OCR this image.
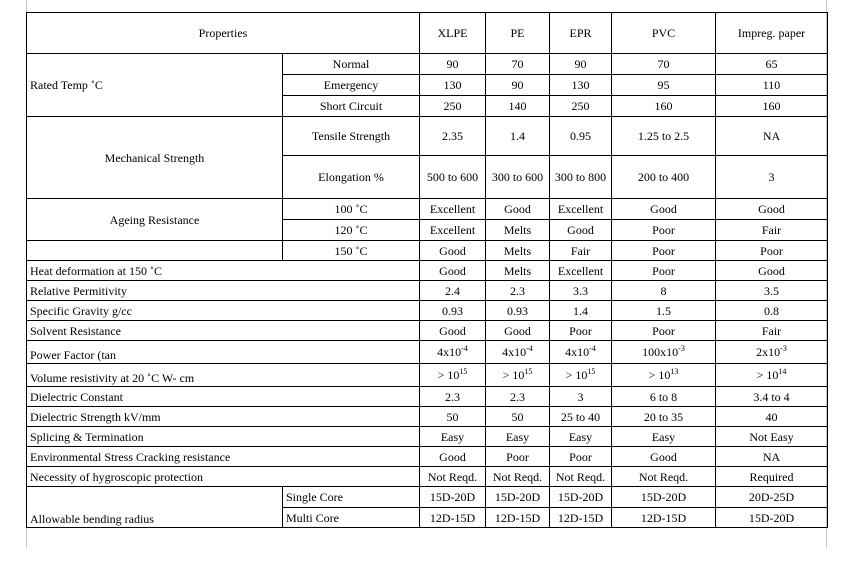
Properties		XLPE	PE	EPR	PVC	Impreg. paper
Rated Temp ˚C	Normal	90	70	90	70	65
	Emergency	130	90	130	95	110
	Short Circuit	250	140	250	160	160
Mechanical Strength	Tensile Strength	2.35	1.4	0.95	1.25 to 2.5	NA
	Elongation %	500 to 600	300 to 600	300 to 800	200 to 400	3
Ageing Resistance	100 ˚C	Excellent	Good	Excellent	Good	Good
	120 ˚C	Excellent	Melts	Good	Poor	Fair
	150 ˚C	Good	Melts	Fair	Poor	Poor
Heat deformation at 150 ˚C		Good	Melts	Excellent	Poor	Good
Relative Permitivity		2.4	2.3	3.3	8	3.5
Specific Gravity g/cc		0.93	0.93	1.4	1.5	0.8
Solvent Resistance		Good	Good	Poor	Poor	Fair
Power Factor (tan		$4x10^{-4}$	$4x10^{-4}$	$4x10^{-4}$	$100x10^{-3}$	$2x10^{-3}$
Volume resistivity at 20 ˚C W- cm		> $10^{15}$	> $10^{15}$	> $10^{15}$	> $10^{13}$	> $10^{14}$
Dielectric Constant		2.3	2.3	3	6 to 8	3.4 to 4
Dielectric Strength kV/mm		50	50	25 to 40	20 to 35	40
Splicing & Termination		Easy	Easy	Easy	Easy	Not Easy
Environmental Stress Cracking resistance		Good	Poor	Poor	Good	NA
Necessity of hygroscopic protection		Not Reqd.	Not Reqd.	Not Reqd.	Not Reqd.	Required
Allowable bending radius	Single Core	15D-20D	15D-20D	15D-20D	15D-20D	20D-25D
	Multi Core	12D-15D	12D-15D	12D-15D	12D-15D	15D-20D
